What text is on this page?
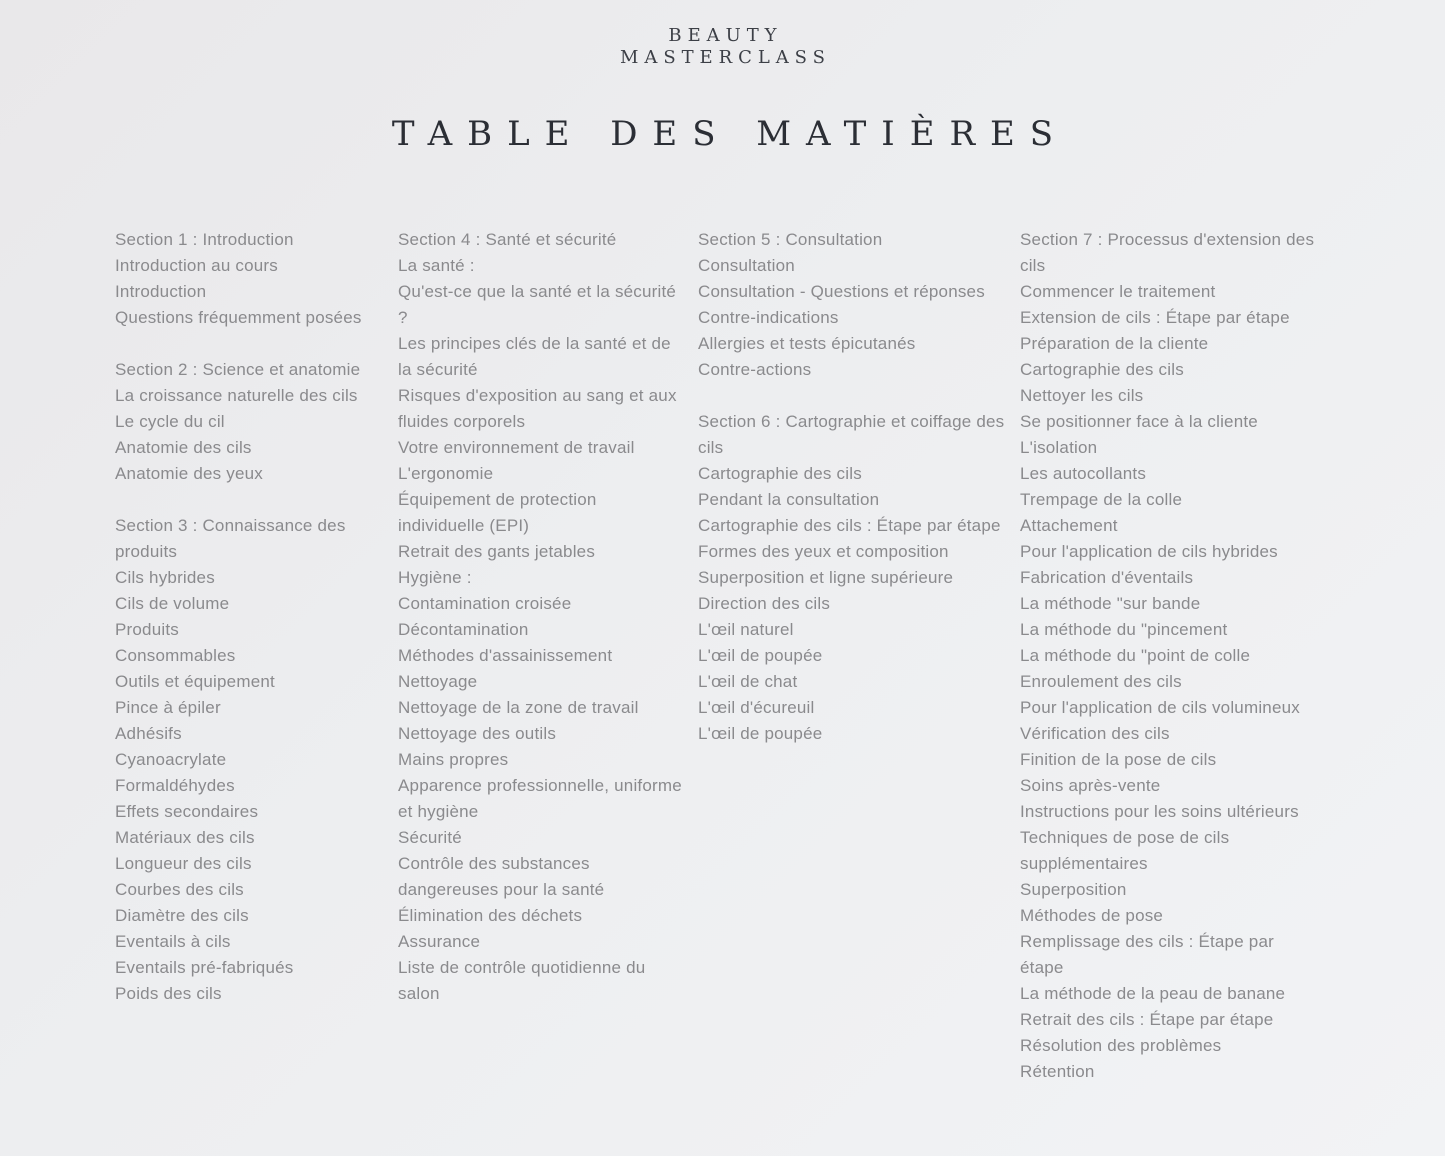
BEAUTY
MASTERCLASS
TABLE DES MATIÈRES
Section 1 : Introduction
Introduction au cours
Introduction
Questions fréquemment posées
Section 2 : Science et anatomie
La croissance naturelle des cils
Le cycle du cil
Anatomie des cils
Anatomie des yeux
Section 3 : Connaissance des produits
Cils hybrides
Cils de volume
Produits
Consommables
Outils et équipement
Pince à épiler
Adhésifs
Cyanoacrylate
Formaldéhydes
Effets secondaires
Matériaux des cils
Longueur des cils
Courbes des cils
Diamètre des cils
Eventails à cils
Eventails pré-fabriqués
Poids des cils
Section 4 : Santé et sécurité
La santé :
Qu'est-ce que la santé et la sécurité ?
Les principes clés de la santé et de la sécurité
Risques d'exposition au sang et aux fluides corporels
Votre environnement de travail
L'ergonomie
Équipement de protection individuelle (EPI)
Retrait des gants jetables
Hygiène :
Contamination croisée
Décontamination
Méthodes d'assainissement
Nettoyage
Nettoyage de la zone de travail
Nettoyage des outils
Mains propres
Apparence professionnelle, uniforme et hygiène
Sécurité
Contrôle des substances dangereuses pour la santé
Élimination des déchets
Assurance
Liste de contrôle quotidienne du salon
Section 5 : Consultation
Consultation
Consultation - Questions et réponses
Contre-indications
Allergies et tests épicutanés
Contre-actions
Section 6 : Cartographie et coiffage des cils
Cartographie des cils
Pendant la consultation
Cartographie des cils : Étape par étape
Formes des yeux et composition
Superposition et ligne supérieure
Direction des cils
L'œil naturel
L'œil de poupée
L'œil de chat
L'œil d'écureuil
L'œil de poupée
Section 7 : Processus d'extension des cils
Commencer le traitement
Extension de cils : Étape par étape
Préparation de la cliente
Cartographie des cils
Nettoyer les cils
Se positionner face à la cliente
L'isolation
Les autocollants
Trempage de la colle
Attachement
Pour l'application de cils hybrides
Fabrication d'éventails
La méthode "sur bande
La méthode du "pincement
La méthode du "point de colle
Enroulement des cils
Pour l'application de cils volumineux
Vérification des cils
Finition de la pose de cils
Soins après-vente
Instructions pour les soins ultérieurs
Techniques de pose de cils supplémentaires
Superposition
Méthodes de pose
Remplissage des cils : Étape par étape
La méthode de la peau de banane
Retrait des cils : Étape par étape
Résolution des problèmes
Rétention
